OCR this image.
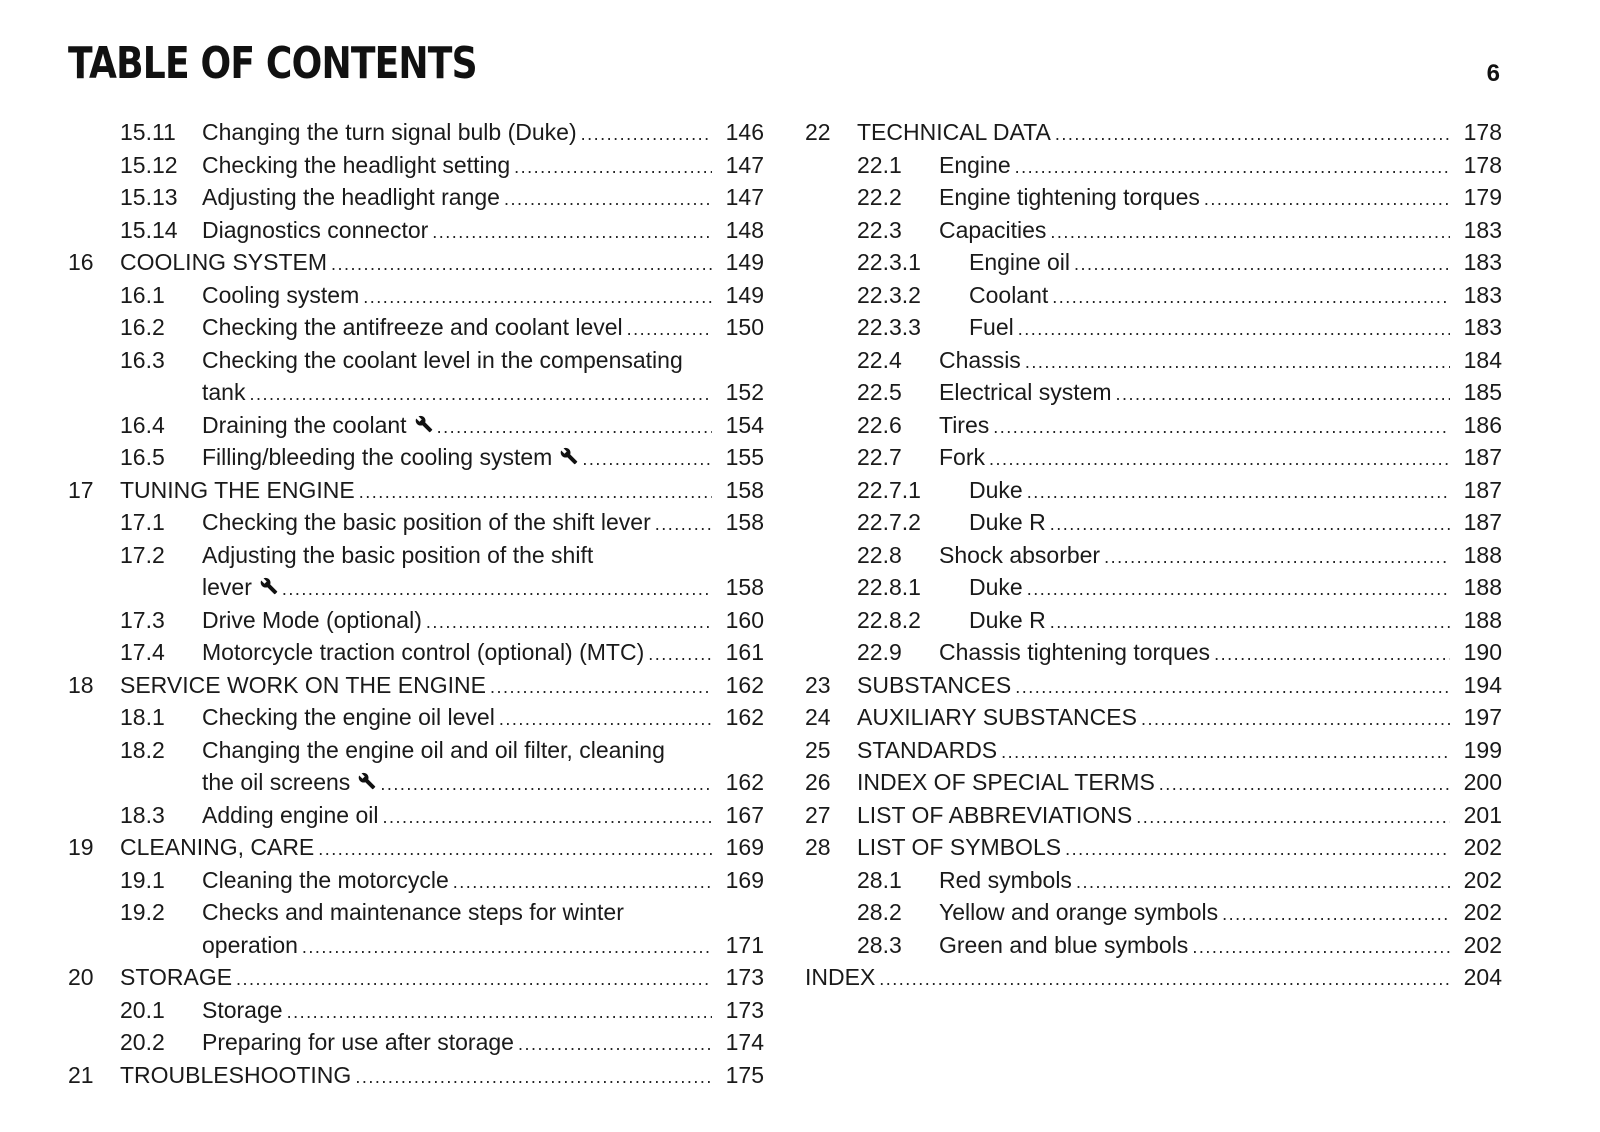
TABLE OF CONTENTS	6
15.11	Changing the turn signal bulb (Duke) .....	146
15.12	Checking the headlight setting .....	147
15.13	Adjusting the headlight range .....	147
15.14	Diagnostics connector .....	148
16	COOLING SYSTEM .....	149
16.1	Cooling system .....	149
16.2	Checking the antifreeze and coolant level .....	150
16.3	Checking the coolant level in the compensating
tank .....	152
16.4	Draining the coolant .....	154
16.5	Filling/bleeding the cooling system .....	155
17	TUNING THE ENGINE .....	158
17.1	Checking the basic position of the shift lever .....	158
17.2	Adjusting the basic position of the shift
lever .....	158
17.3	Drive Mode (optional) .....	160
17.4	Motorcycle traction control (optional) (MTC) .....	161
18	SERVICE WORK ON THE ENGINE .....	162
18.1	Checking the engine oil level .....	162
18.2	Changing the engine oil and oil filter, cleaning
the oil screens .....	162
18.3	Adding engine oil .....	167
19	CLEANING, CARE .....	169
19.1	Cleaning the motorcycle .....	169
19.2	Checks and maintenance steps for winter
operation .....	171
20	STORAGE .....	173
20.1	Storage .....	173
20.2	Preparing for use after storage .....	174
21	TROUBLESHOOTING .....	175
22	TECHNICAL DATA .....	178
22.1	Engine .....	178
22.2	Engine tightening torques .....	179
22.3	Capacities .....	183
22.3.1	Engine oil .....	183
22.3.2	Coolant .....	183
22.3.3	Fuel .....	183
22.4	Chassis .....	184
22.5	Electrical system .....	185
22.6	Tires .....	186
22.7	Fork .....	187
22.7.1	Duke .....	187
22.7.2	Duke R .....	187
22.8	Shock absorber .....	188
22.8.1	Duke .....	188
22.8.2	Duke R .....	188
22.9	Chassis tightening torques .....	190
23	SUBSTANCES .....	194
24	AUXILIARY SUBSTANCES .....	197
25	STANDARDS .....	199
26	INDEX OF SPECIAL TERMS .....	200
27	LIST OF ABBREVIATIONS .....	201
28	LIST OF SYMBOLS .....	202
28.1	Red symbols .....	202
28.2	Yellow and orange symbols .....	202
28.3	Green and blue symbols .....	202
INDEX .....	204
